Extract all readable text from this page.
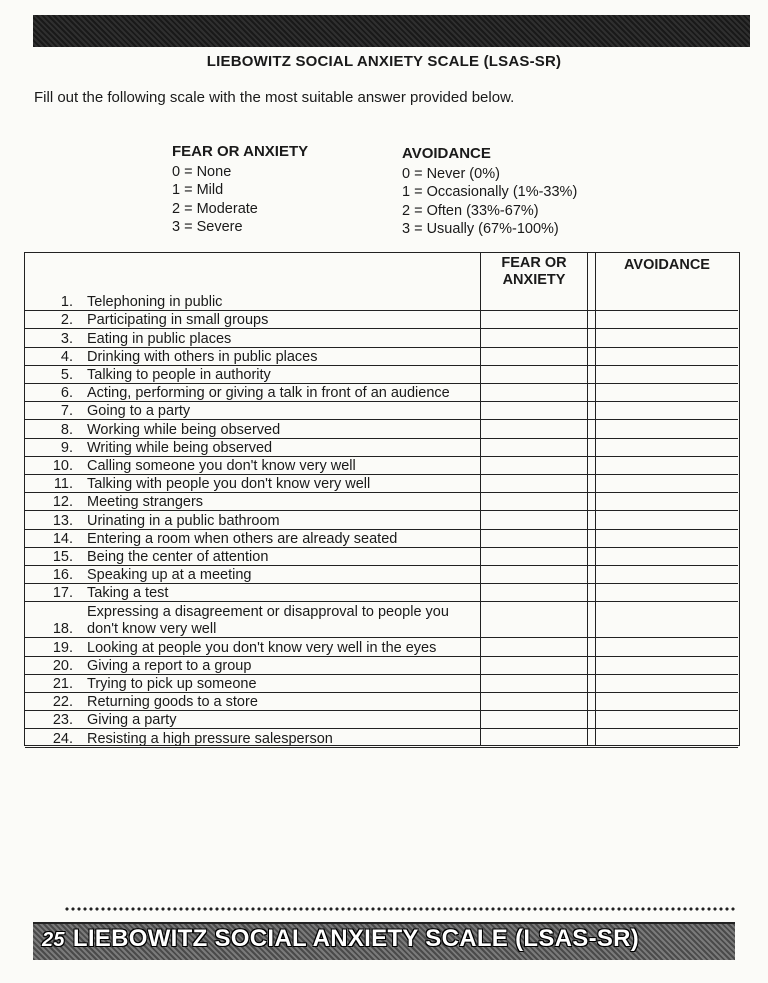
LIEBOWITZ SOCIAL ANXIETY SCALE (LSAS-SR)
Fill out the following scale with the most suitable answer provided below.
FEAR OR ANXIETY
0 = None
1 = Mild
2 = Moderate
3 = Severe
AVOIDANCE
0 = Never (0%)
1 = Occasionally (1%-33%)
2 = Often (33%-67%)
3 = Usually (67%-100%)
FEAR OR
ANXIETY
AVOIDANCE
1. Telephoning in public
2. Participating in small groups
3. Eating in public places
4. Drinking with others in public places
5. Talking to people in authority
6. Acting, performing or giving a talk in front of an audience
7. Going to a party
8. Working while being observed
9. Writing while being observed
10. Calling someone you don't know very well
11. Talking with people you don't know very well
12. Meeting strangers
13. Urinating in a public bathroom
14. Entering a room when others are already seated
15. Being the center of attention
16. Speaking up at a meeting
17. Taking a test
18.
Expressing a disagreement or disapproval to people you
don't know very well
19. Looking at people you don't know very well in the eyes
20. Giving a report to a group
21. Trying to pick up someone
22. Returning goods to a store
23. Giving a party
24. Resisting a high pressure salesperson
25 LIEBOWITZ SOCIAL ANXIETY SCALE (LSAS-SR)
